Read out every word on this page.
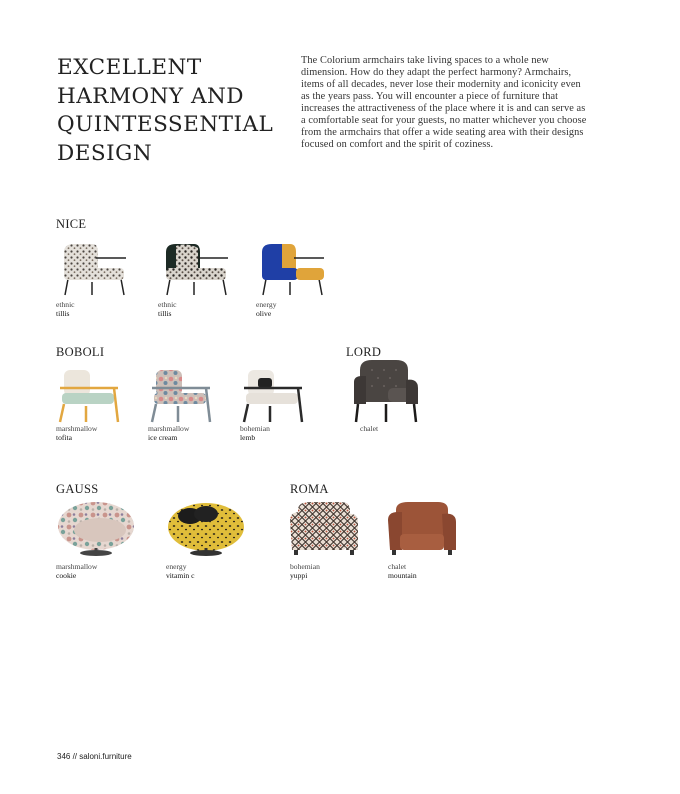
EXCELLENT
HARMONY AND
QUINTESSENTIAL
DESIGN

The Colorium armchairs take living spaces to a whole new dimension. How do they adapt the perfect harmony? Armchairs, items of all decades, never lose their modernity and iconicity even as the years pass. You will encounter a piece of furniture that increases the attractiveness of the place where it is and can serve as a comfortable seat for your guests, no matter whichever you choose from the armchairs that offer a wide seating area with their designs focused on comfort and the spirit of coziness.

NICE
ethnic
tillis
ethnic
tillis
energy
olive
BOBOLI
marshmallow
tofita
marshmallow
ice cream
bohemian
lemb
LORD
chalet
GAUSS
marshmallow
cookie
energy
vitamin c
ROMA
bohemian
yuppi
chalet
mountain
346 // saloni.furniture
